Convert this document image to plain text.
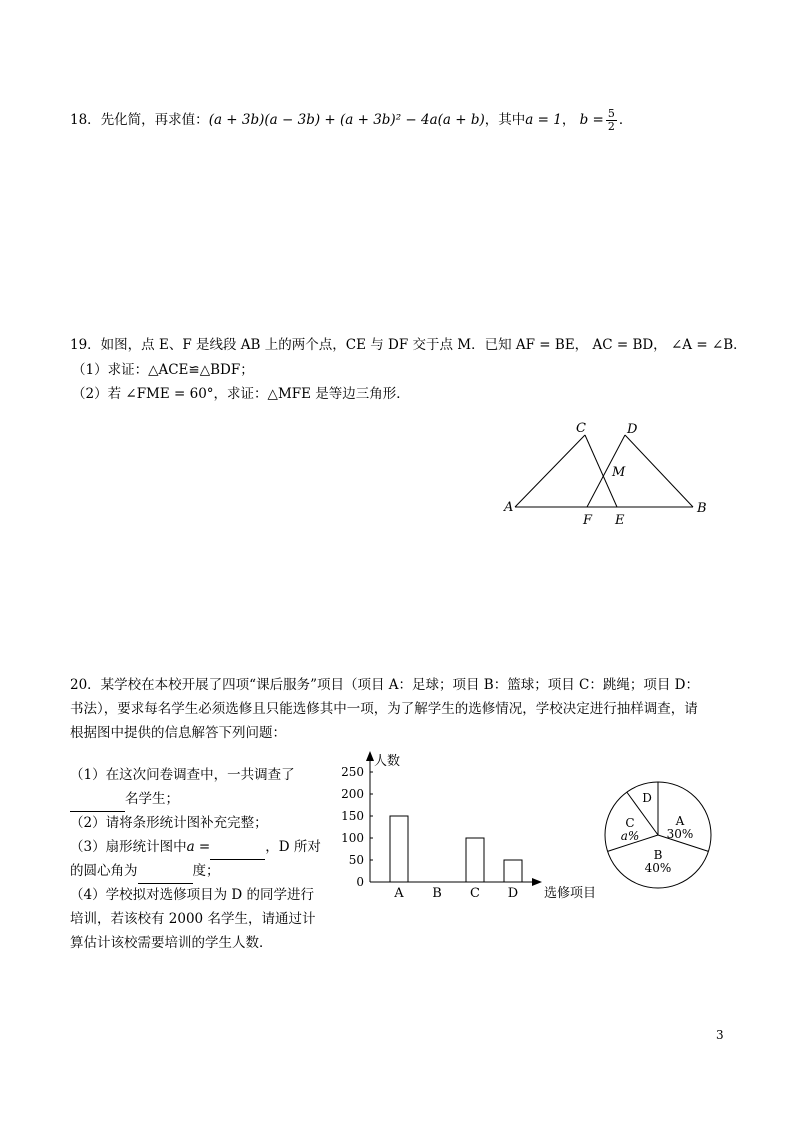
18．先化简，再求值：(a + 3b)(a − 3b) + (a + 3b)² − 4a(a + b)，其中a = 1， $b = \frac{5}{2}$ ．
19．如图，点 E、F 是线段 AB 上的两个点，CE 与 DF 交于点 M．已知 AF = BE， AC = BD， ∠A = ∠B．
（1）求证：△ACE≌△BDF；
（2）若 ∠FME = 60°，求证：△MFE 是等边三角形．
C	D
M
A	B
F E
20．某学校在本校开展了四项“课后服务”项目（项目 A：足球；项目 B：篮球；项目 C：跳绳；项目 D：
书法），要求每名学生必须选修且只能选修其中一项，为了解学生的选修情况，学校决定进行抽样调查，请
根据图中提供的信息解答下列问题：
（1）在这次问卷调查中，一共调查了
名学生；
（2）请将条形统计图补充完整；
（3）扇形统计图中a =	，D 所对
的圆心角为	度；
（4）学校拟对选修项目为 D 的同学进行
培训，若该校有 2000 名学生，请通过计
算估计该校需要培训的学生人数．
人数
选修项目
0
50
100
150
200
250
A B C D
A
30%
B
40%
C
a%
D
3
